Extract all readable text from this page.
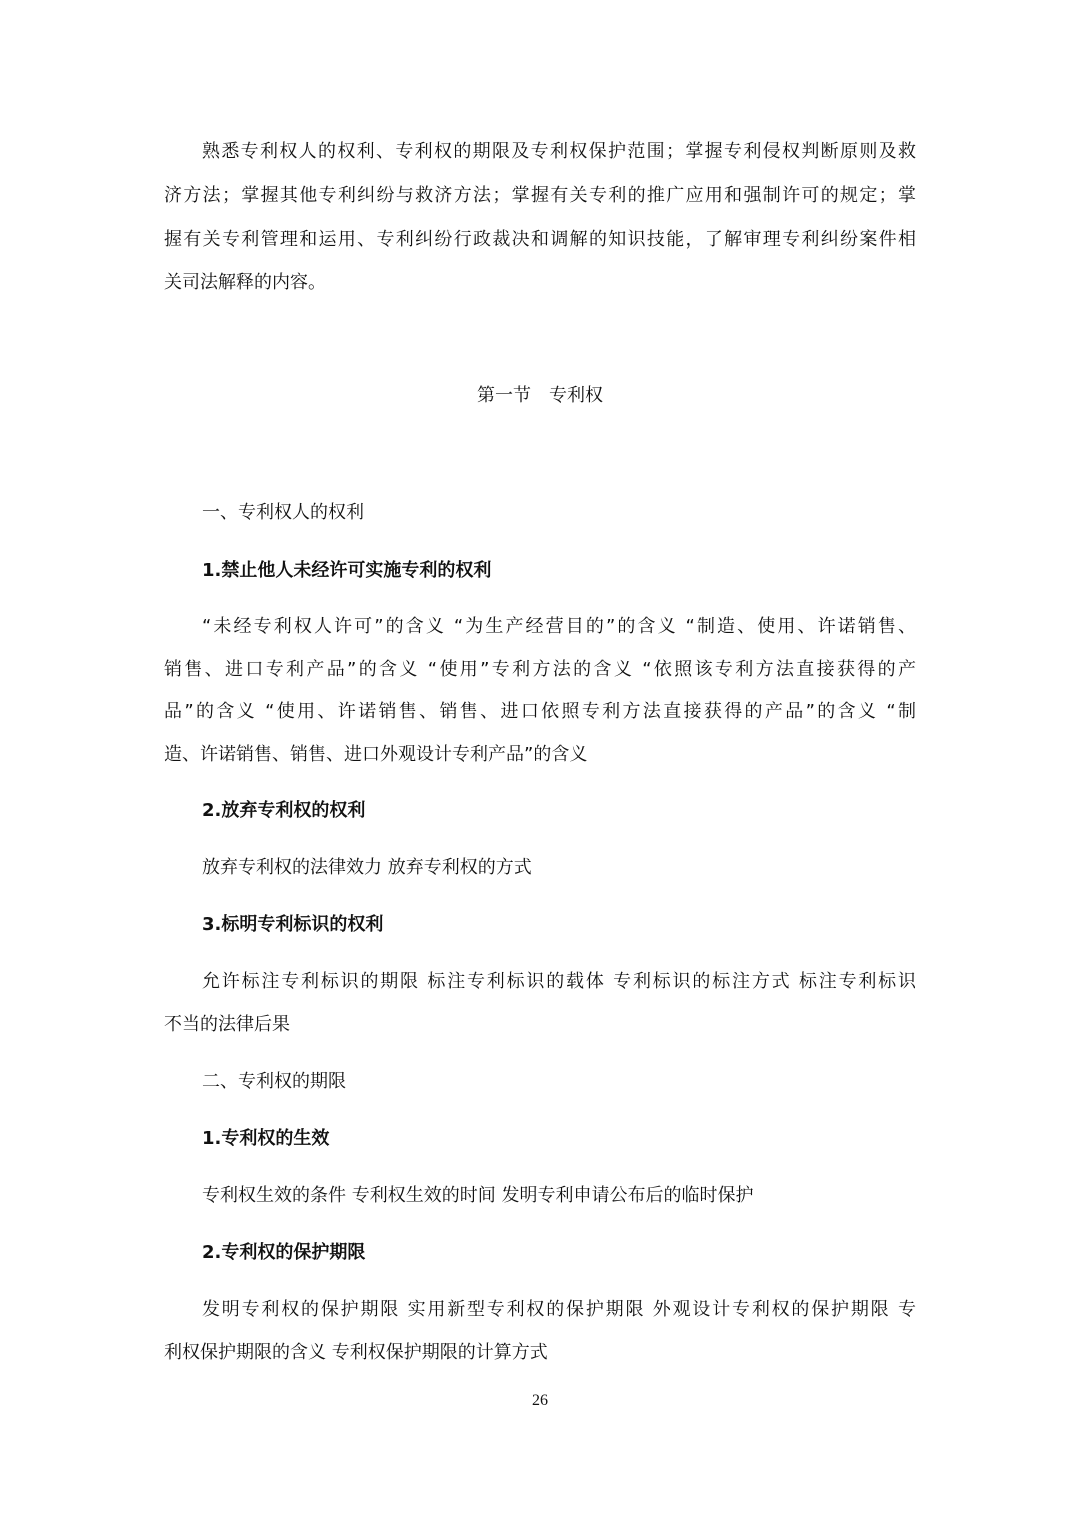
熟悉专利权人的权利、专利权的期限及专利权保护范围；掌握专利侵权判断原则及救
济方法；掌握其他专利纠纷与救济方法；掌握有关专利的推广应用和强制许可的规定；掌
握有关专利管理和运用、专利纠纷行政裁决和调解的知识技能，了解审理专利纠纷案件相
关司法解释的内容。
第一节　专利权
一、专利权人的权利
1.禁止他人未经许可实施专利的权利
“未经专利权人许可”的含义 “为生产经营目的”的含义 “制造、使用、许诺销售、
销售、进口专利产品”的含义 “使用”专利方法的含义 “依照该专利方法直接获得的产
品”的含义 “使用、许诺销售、销售、进口依照专利方法直接获得的产品”的含义 “制
造、许诺销售、销售、进口外观设计专利产品”的含义
2.放弃专利权的权利
放弃专利权的法律效力 放弃专利权的方式
3.标明专利标识的权利
允许标注专利标识的期限 标注专利标识的载体 专利标识的标注方式 标注专利标识
不当的法律后果
二、专利权的期限
1.专利权的生效
专利权生效的条件 专利权生效的时间 发明专利申请公布后的临时保护
2.专利权的保护期限
发明专利权的保护期限 实用新型专利权的保护期限 外观设计专利权的保护期限 专
利权保护期限的含义 专利权保护期限的计算方式
26
